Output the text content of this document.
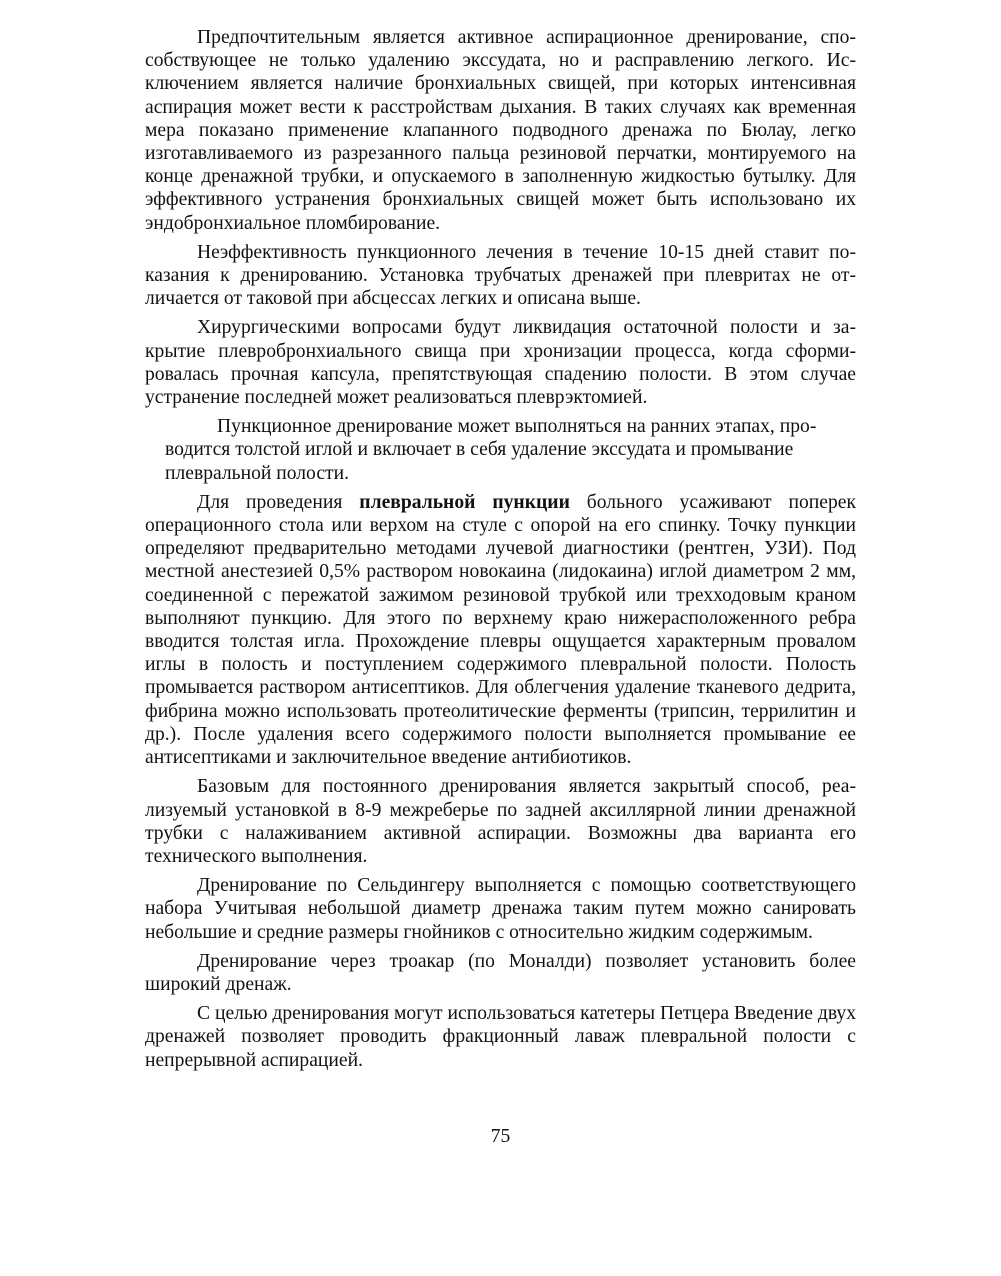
Предпочтительным является активное аспирационное дренирование, способствующее не только удалению экссудата, но и расправлению легкого. Исключением является наличие бронхиальных свищей, при которых интенсивная аспирация может вести к расстройствам дыхания. В таких случаях как временная мера показано применение клапанного подводного дренажа по Бюлау, легко изготавливаемого из разрезанного пальца резиновой перчатки, монтируемого на конце дренажной трубки, и опускаемого в заполненную жидкостью бутылку. Для эффективного устранения бронхиальных свищей может быть использовано их эндобронхиальное пломбирование.

Неэффективность пункционного лечения в течение 10-15 дней ставит показания к дренированию. Установка трубчатых дренажей при плевритах не отличается от таковой при абсцессах легких и описана выше.

Хирургическими вопросами будут ликвидация остаточной полости и закрытие плевробронхиального свища при хронизации процесса, когда сформировалась прочная капсула, препятствующая спадению полости. В этом случае устранение последней может реализоваться плеврэктомией.

Пункционное дренирование может выполняться на ранних этапах, проводится толстой иглой и включает в себя удаление экссудата и промывание плевральной полости.

Для проведения плевральной пункции больного усаживают поперек операционного стола или верхом на стуле с опорой на его спинку. Точку пункции определяют предварительно методами лучевой диагностики (рентген, УЗИ). Под местной анестезией 0,5% раствором новокаина (лидокаина) иглой диаметром 2 мм, соединенной с пережатой зажимом резиновой трубкой или трехходовым краном выполняют пункцию. Для этого по верхнему краю нижерасположенного ребра вводится толстая игла. Прохождение плевры ощущается характерным провалом иглы в полость и поступлением содержимого плевральной полости. Полость промывается раствором антисептиков. Для облегчения удаление тканевого дедрита, фибрина можно использовать протеолитические ферменты (трипсин, террилитин и др.). После удаления всего содержимого полости выполняется промывание ее антисептиками и заключительное введение антибиотиков.

Базовым для постоянного дренирования является закрытый способ, реализуемый установкой в 8-9 межреберье по задней аксиллярной линии дренажной трубки с налаживанием активной аспирации. Возможны два варианта его технического выполнения.

Дренирование по Сельдингеру выполняется с помощью соответствующего набора Учитывая небольшой диаметр дренажа таким путем можно санировать небольшие и средние размеры гнойников с относительно жидким содержимым.

Дренирование через троакар (по Моналди) позволяет установить более широкий дренаж.

С целью дренирования могут использоваться катетеры Петцера Введение двух дренажей позволяет проводить фракционный лаваж плевральной полости с непрерывной аспирацией.

75
